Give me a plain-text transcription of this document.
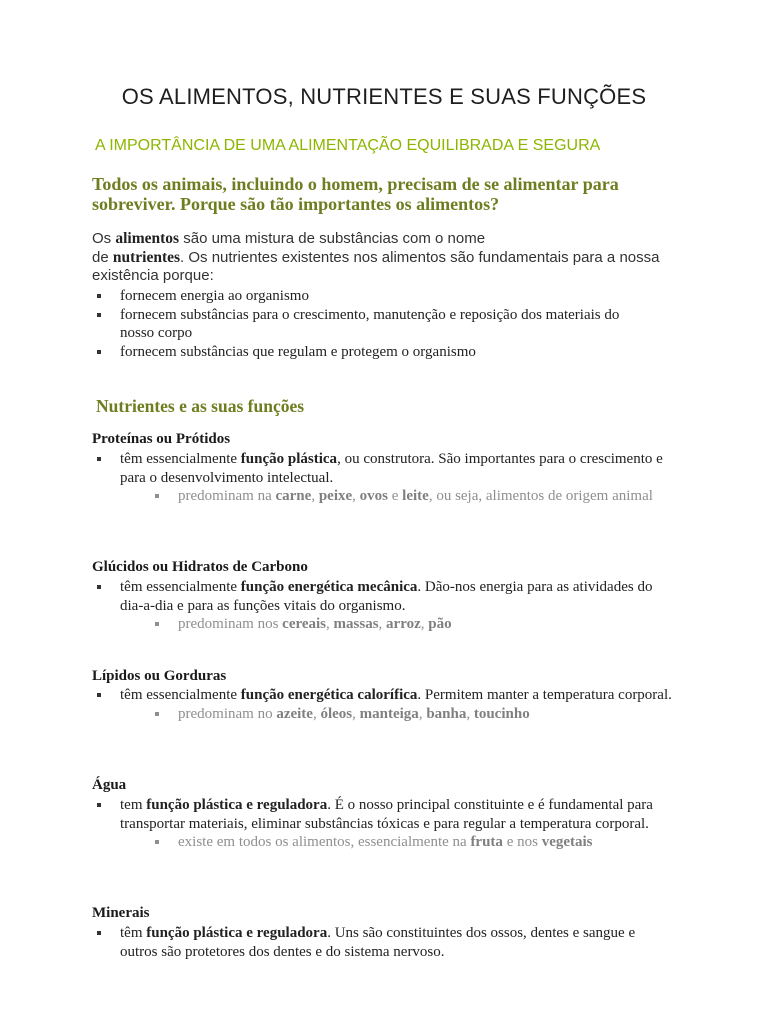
OS ALIMENTOS, NUTRIENTES E SUAS FUNÇÕES
A IMPORTÂNCIA DE UMA ALIMENTAÇÃO EQUILIBRADA E SEGURA

Todos os animais, incluindo o homem, precisam de se alimentar para sobreviver. Porque são tão importantes os alimentos?

Os alimentos são uma mistura de substâncias com o nome
de nutrientes. Os nutrientes existentes nos alimentos são fundamentais para a nossa existência porque:

fornecem energia ao organismo
fornecem substâncias para o crescimento, manutenção e reposição dos materiais do nosso corpo
fornecem substâncias que regulam e protegem o organismo
Nutrientes e as suas funções
Proteínas ou Prótidos
têm essencialmente função plástica, ou construtora. São importantes para o crescimento e para o desenvolvimento intelectual.
predominam na carne, peixe, ovos e leite, ou seja, alimentos de origem animal
Glúcidos ou Hidratos de Carbono
têm essencialmente função energética mecânica. Dão-nos energia para as atividades do dia-a-dia e para as funções vitais do organismo.
predominam nos cereais, massas, arroz, pão
Lípidos ou Gorduras
têm essencialmente função energética calorífica. Permitem manter a temperatura corporal.
predominam no azeite, óleos, manteiga, banha, toucinho
Água
tem função plástica e reguladora. É o nosso principal constituinte e é fundamental para transportar materiais, eliminar substâncias tóxicas e para regular a temperatura corporal.
existe em todos os alimentos, essencialmente na fruta e nos vegetais
Minerais
têm função plástica e reguladora. Uns são constituintes dos ossos, dentes e sangue e outros são protetores dos dentes e do sistema nervoso.
